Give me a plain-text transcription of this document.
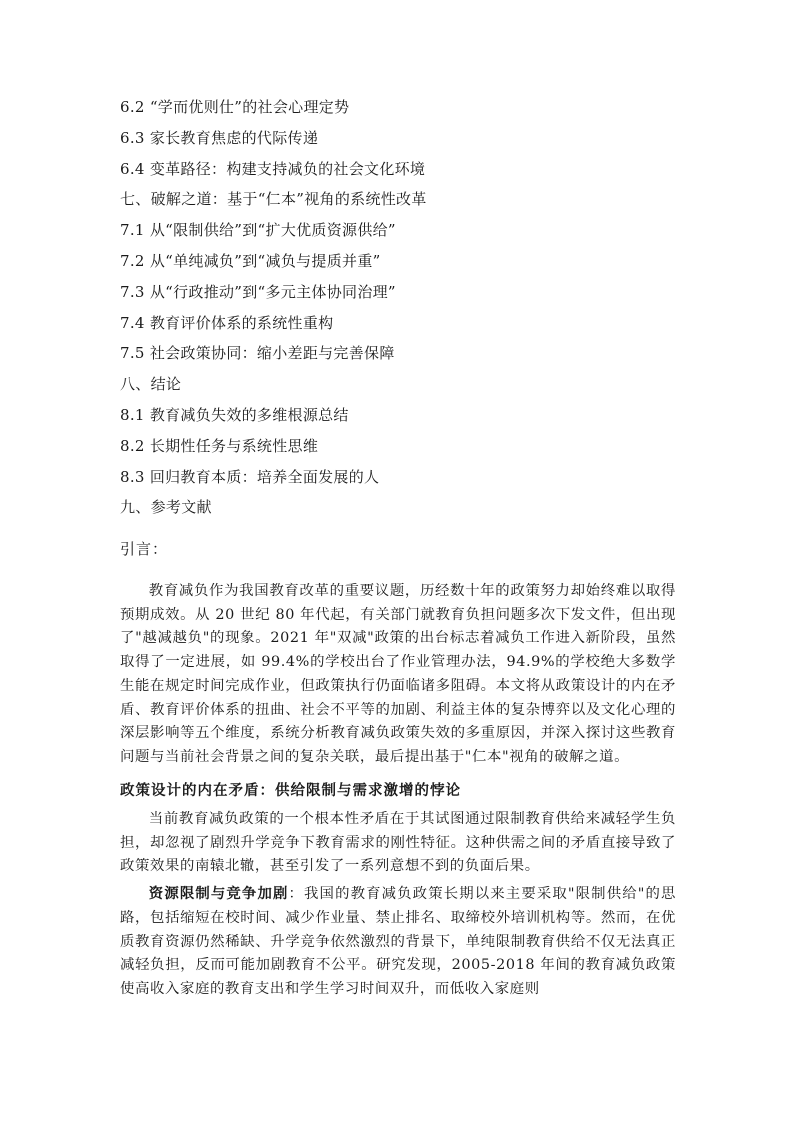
6.2 “学而优则仕”的社会心理定势
6.3 家长教育焦虑的代际传递
6.4 变革路径：构建支持减负的社会文化环境
七、破解之道：基于“仁本”视角的系统性改革
7.1 从“限制供给”到“扩大优质资源供给”
7.2 从“单纯减负”到“减负与提质并重”
7.3 从“行政推动”到“多元主体协同治理”
7.4 教育评价体系的系统性重构
7.5 社会政策协同：缩小差距与完善保障
八、结论
8.1 教育减负失效的多维根源总结
8.2 长期性任务与系统性思维
8.3 回归教育本质：培养全面发展的人
九、参考文献
引言：

教育减负作为我国教育改革的重要议题，历经数十年的政策努力却始终难以取得预期成效。从 20 世纪 80 年代起，有关部门就教育负担问题多次下发文件，但出现了"越减越负"的现象。2021 年"双减"政策的出台标志着减负工作进入新阶段，虽然取得了一定进展，如 99.4%的学校出台了作业管理办法，94.9%的学校绝大多数学生能在规定时间完成作业，但政策执行仍面临诸多阻碍。本文将从政策设计的内在矛盾、教育评价体系的扭曲、社会不平等的加剧、利益主体的复杂博弈以及文化心理的深层影响等五个维度，系统分析教育减负政策失效的多重原因，并深入探讨这些教育问题与当前社会背景之间的复杂关联，最后提出基于"仁本"视角的破解之道。

政策设计的内在矛盾：供给限制与需求激增的悖论

当前教育减负政策的一个根本性矛盾在于其试图通过限制教育供给来减轻学生负担，却忽视了剧烈升学竞争下教育需求的刚性特征。这种供需之间的矛盾直接导致了政策效果的南辕北辙，甚至引发了一系列意想不到的负面后果。

资源限制与竞争加剧：我国的教育减负政策长期以来主要采取"限制供给"的思路，包括缩短在校时间、减少作业量、禁止排名、取缔校外培训机构等。然而，在优质教育资源仍然稀缺、升学竞争依然激烈的背景下，单纯限制教育供给不仅无法真正减轻负担，反而可能加剧教育不公平。研究发现，2005-2018 年间的教育减负政策使高收入家庭的教育支出和学生学习时间双升，而低收入家庭则
